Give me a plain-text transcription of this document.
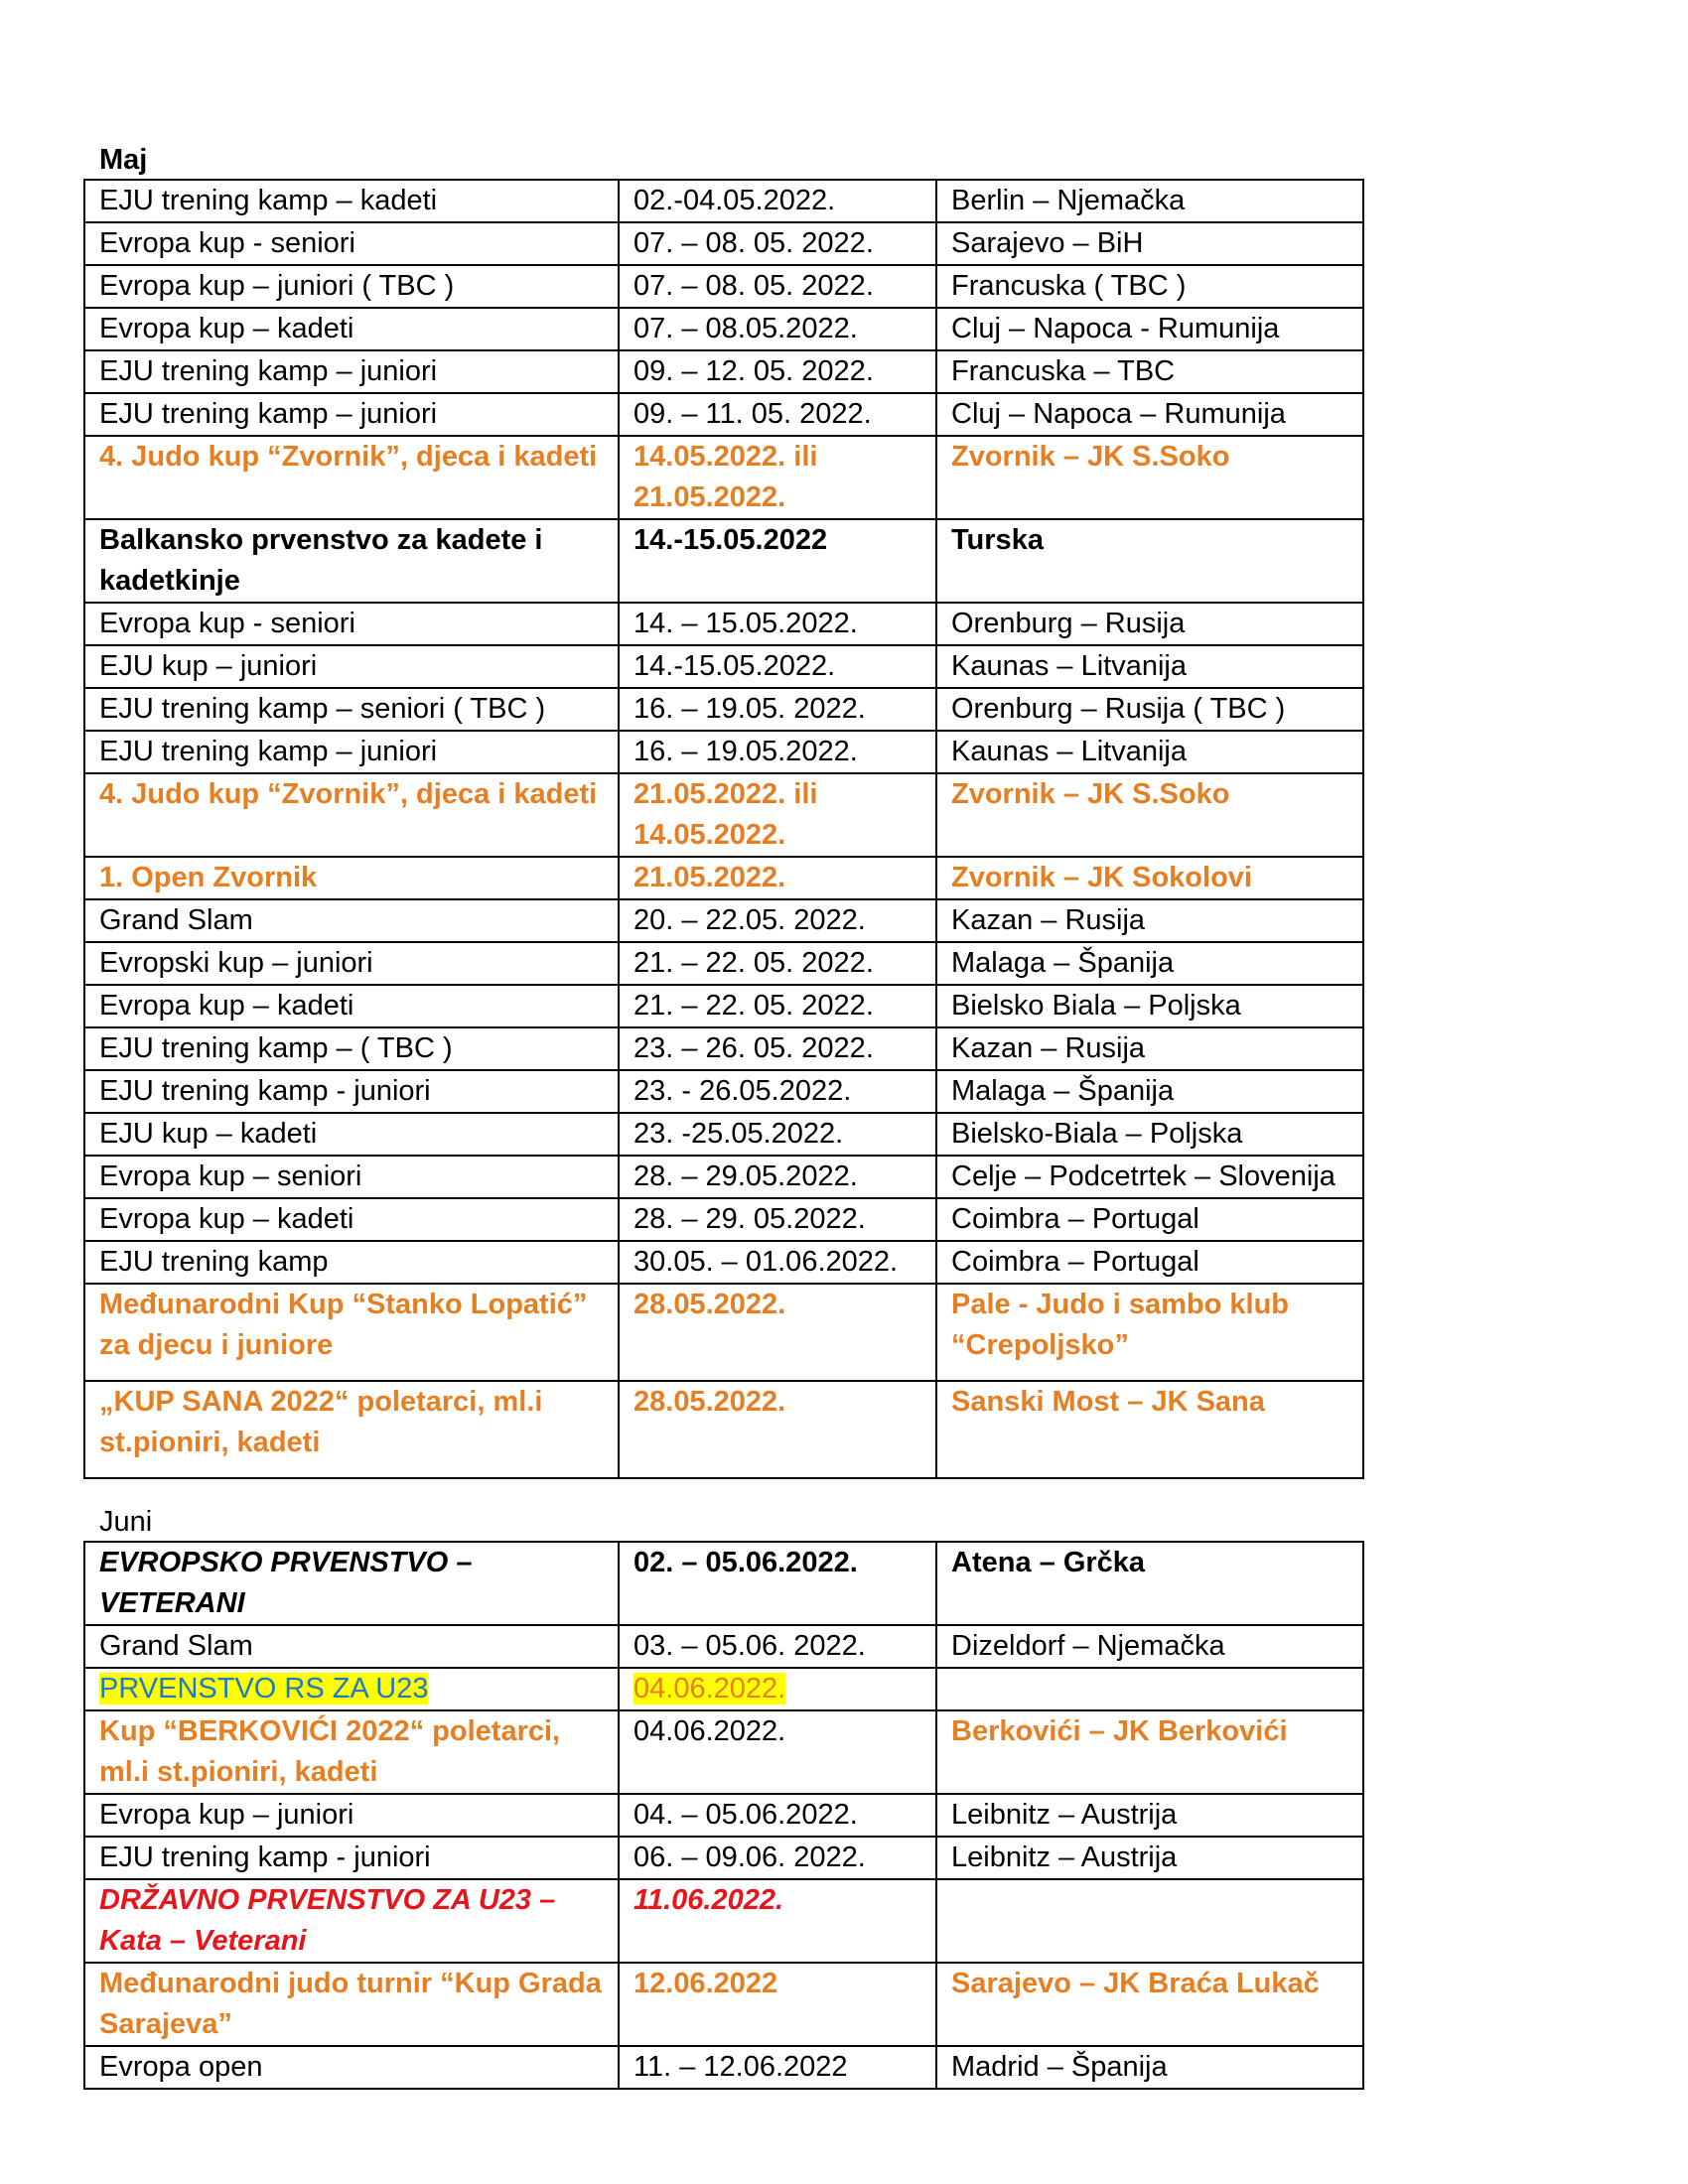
Maj
EJU trening kamp – kadeti	02.-04.05.2022.	Berlin – Njemačka
Evropa kup - seniori	07. – 08. 05. 2022.	Sarajevo – BiH
Evropa kup – juniori ( TBC )	07. – 08. 05. 2022.	Francuska ( TBC )
Evropa kup – kadeti	07. – 08.05.2022.	Cluj – Napoca - Rumunija
EJU trening kamp – juniori	09. – 12. 05. 2022.	Francuska – TBC
EJU trening kamp – juniori	09. – 11. 05. 2022.	Cluj – Napoca – Rumunija
4. Judo kup “Zvornik”, djeca i kadeti	14.05.2022. ili 21.05.2022.	Zvornik – JK S.Soko
Balkansko prvenstvo za kadete i kadetkinje	14.-15.05.2022	Turska
Evropa kup - seniori	14. – 15.05.2022.	Orenburg – Rusija
EJU kup – juniori	14.-15.05.2022.	Kaunas – Litvanija
EJU trening kamp – seniori ( TBC )	16. – 19.05. 2022.	Orenburg – Rusija ( TBC )
EJU trening kamp – juniori	16. – 19.05.2022.	Kaunas – Litvanija
4. Judo kup “Zvornik”, djeca i kadeti	21.05.2022. ili 14.05.2022.	Zvornik – JK S.Soko
1. Open Zvornik	21.05.2022.	Zvornik – JK Sokolovi
Grand Slam	20. – 22.05. 2022.	Kazan – Rusija
Evropski kup – juniori	21. – 22. 05. 2022.	Malaga – Španija
Evropa kup – kadeti	21. – 22. 05. 2022.	Bielsko Biala – Poljska
EJU trening kamp – ( TBC )	23. – 26. 05. 2022.	Kazan – Rusija
EJU trening kamp - juniori	23. - 26.05.2022.	Malaga – Španija
EJU kup – kadeti	23. -25.05.2022.	Bielsko-Biala – Poljska
Evropa kup – seniori	28. – 29.05.2022.	Celje – Podcetrtek – Slovenija
Evropa kup – kadeti	28. – 29. 05.2022.	Coimbra – Portugal
EJU trening kamp	30.05. – 01.06.2022.	Coimbra – Portugal
Međunarodni Kup “Stanko Lopatić” za djecu i juniore	28.05.2022.	Pale - Judo i sambo klub “Crepoljsko”
„KUP SANA 2022“ poletarci, ml.i st.pioniri, kadeti	28.05.2022.	Sanski Most – JK Sana
Juni
EVROPSKO PRVENSTVO – VETERANI	02. – 05.06.2022.	Atena – Grčka
Grand Slam	03. – 05.06. 2022.	Dizeldorf – Njemačka
PRVENSTVO RS ZA U23	04.06.2022.	
Kup “BERKOVIĆI 2022“ poletarci, ml.i st.pioniri, kadeti	04.06.2022.	Berkovići – JK Berkovići
Evropa kup – juniori	04. – 05.06.2022.	Leibnitz – Austrija
EJU trening kamp - juniori	06. – 09.06. 2022.	Leibnitz – Austrija
DRŽAVNO PRVENSTVO ZA U23 – Kata – Veterani	11.06.2022.	
Međunarodni judo turnir “Kup Grada Sarajeva”	12.06.2022	Sarajevo – JK Braća Lukač
Evropa open	11. – 12.06.2022	Madrid – Španija
